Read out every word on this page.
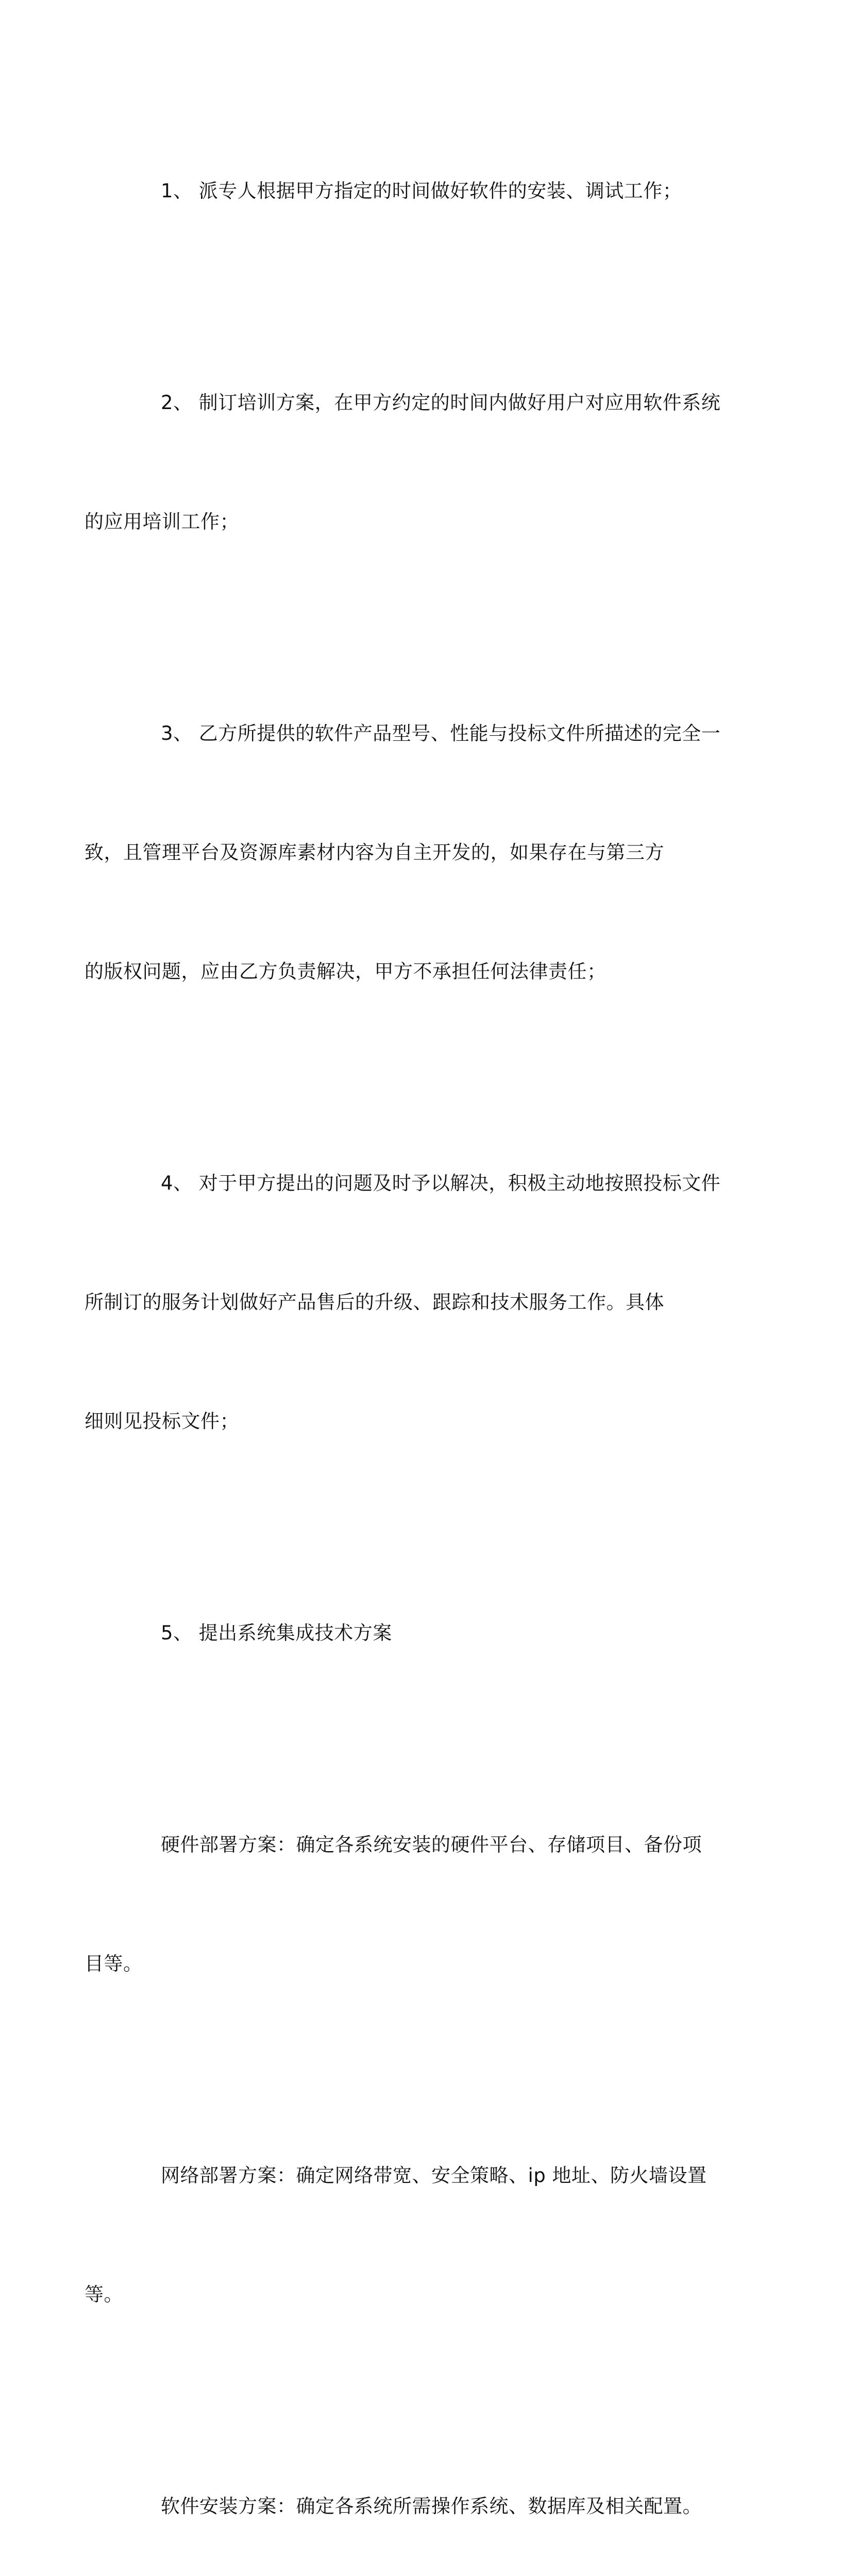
1、 派专人根据甲方指定的时间做好软件的安装、调试工作；

2、 制订培训方案，在甲方约定的时间内做好用户对应用软件系统

的应用培训工作；

3、 乙方所提供的软件产品型号、性能与投标文件所描述的完全一

致，且管理平台及资源库素材内容为自主开发的，如果存在与第三方

的版权问题，应由乙方负责解决，甲方不承担任何法律责任；

4、 对于甲方提出的问题及时予以解决，积极主动地按照投标文件

所制订的服务计划做好产品售后的升级、跟踪和技术服务工作。具体

细则见投标文件；

5、 提出系统集成技术方案

硬件部署方案：确定各系统安装的硬件平台、存储项目、备份项

目等。

网络部署方案：确定网络带宽、安全策略、ip 地址、防火墙设置

等。

软件安装方案：确定各系统所需操作系统、数据库及相关配置。
